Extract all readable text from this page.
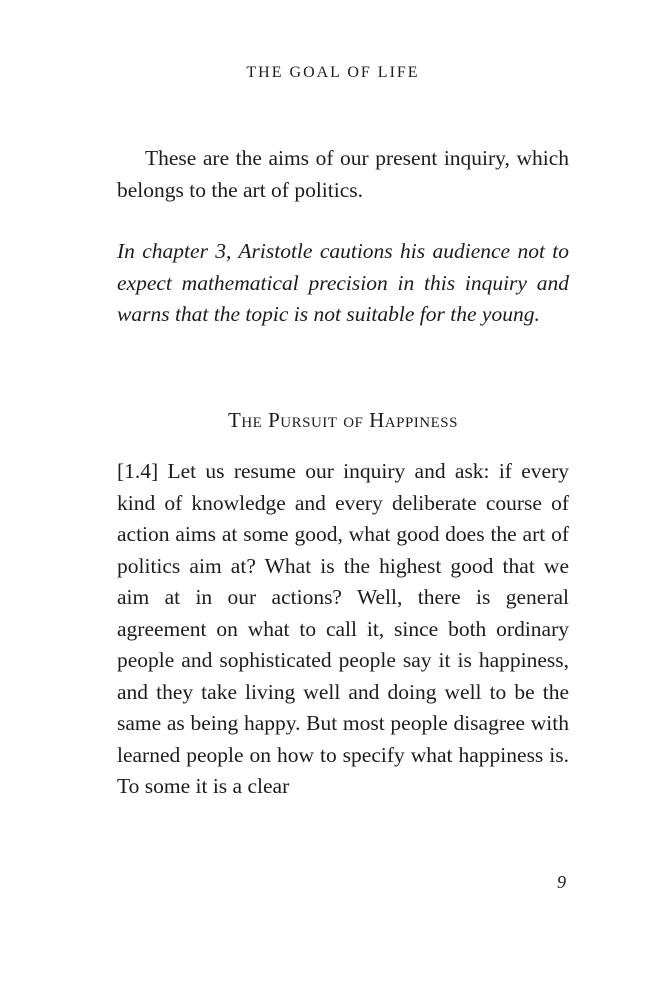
THE GOAL OF LIFE

These are the aims of our present inquiry, which belongs to the art of politics.

In chapter 3, Aristotle cautions his audience not to expect mathematical precision in this inquiry and warns that the topic is not suitable for the young.

The Pursuit of Happiness

[1.4] Let us resume our inquiry and ask: if every kind of knowledge and every deliberate course of action aims at some good, what good does the art of politics aim at? What is the highest good that we aim at in our actions? Well, there is general agreement on what to call it, since both ordinary people and sophisticated people say it is happiness, and they take living well and doing well to be the same as being happy. But most people disagree with learned people on how to specify what happiness is. To some it is a clear

9
